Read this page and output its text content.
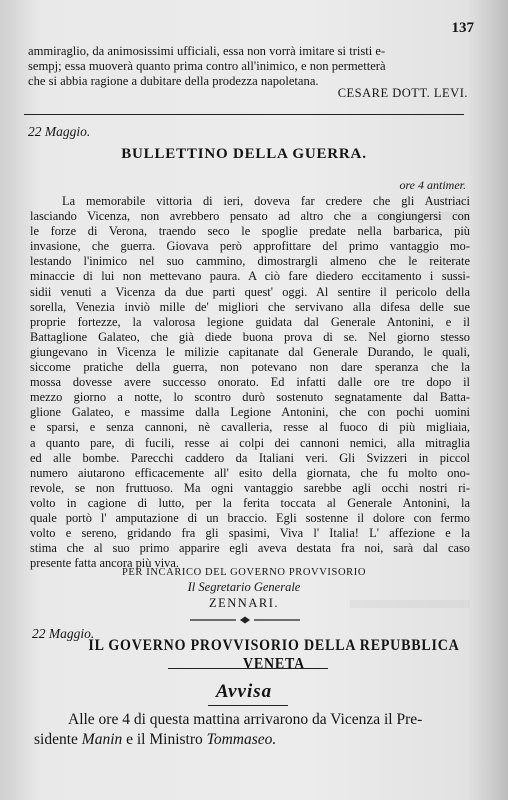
137
ammiraglio, da animosissimi ufficiali, essa non vorrà imitare si tristi e-
sempj; essa muoverà quanto prima contro all'inimico, e non permetterà
che si abbia ragione a dubitare della prodezza napoletana.
CESARE DOTT. LEVI.
22 Maggio.
BULLETTINO DELLA GUERRA.
ore 4 antimer.
La memorabile vittoria di ieri, doveva far credere che gli Austriaci
lasciando Vicenza, non avrebbero pensato ad altro che a congiungersi con
le forze di Verona, traendo seco le spoglie predate nella barbarica, più
invasione, che guerra. Giovava però approfittare del primo vantaggio mo-
lestando l'inimico nel suo cammino, dimostrargli almeno che le reiterate
minaccie di lui non mettevano paura. A ciò fare diedero eccitamento i sussi-
sidii venuti a Vicenza da due parti quest' oggi. Al sentire il pericolo della
sorella, Venezia inviò mille de' migliori che servivano alla difesa delle sue
proprie fortezze, la valorosa legione guidata dal Generale Antonini, e il
Battaglione Galateo, che già diede buona prova di se. Nel giorno stesso
giungevano in Vicenza le milizie capitanate dal Generale Durando, le quali,
siccome pratiche della guerra, non potevano non dare speranza che la
mossa dovesse avere successo onorato. Ed infatti dalle ore tre dopo il
mezzo giorno a notte, lo scontro durò sostenuto segnatamente dal Batta-
glione Galateo, e massime dalla Legione Antonini, che con pochi uomini
e sparsi, e senza cannoni, nè cavalleria, resse al fuoco di più migliaia,
a quanto pare, di fucili, resse ai colpi dei cannoni nemici, alla mitraglia
ed alle bombe. Parecchi caddero da Italiani veri. Gli Svizzeri in piccol
numero aiutarono efficacemente all' esito della giornata, che fu molto ono-
revole, se non fruttuoso. Ma ogni vantaggio sarebbe agli occhi nostri ri-
volto in cagione di lutto, per la ferita toccata al Generale Antonini, la
quale portò l' amputazione di un braccio. Egli sostenne il dolore con fermo
volto e sereno, gridando fra gli spasimi, Viva l' Italia! L' affezione e la
stima che al suo primo apparire egli aveva destata fra noi, sarà dal caso
presente fatta ancora più viva.
PER INCARICO DEL GOVERNO PROVVISORIO
Il Segretario Generale
ZENNARI.
22 Maggio.
IL GOVERNO PROVVISORIO DELLA REPUBBLICA VENETA
Avvisa
Alle ore 4 di questa mattina arrivarono da Vicenza il Pre-
sidente Manin e il Ministro Tommaseo.
